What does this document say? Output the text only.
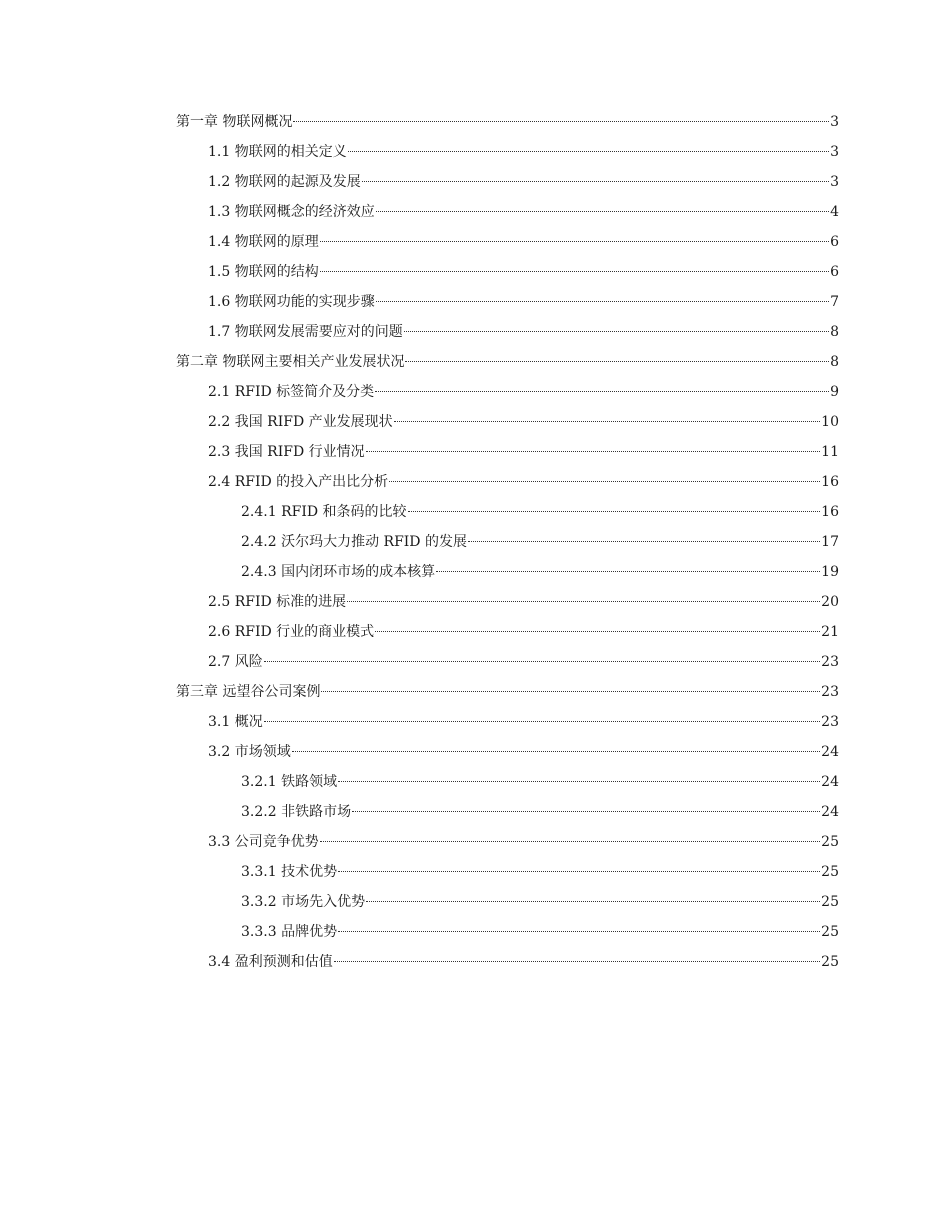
第一章 物联网概况	3
1.1 物联网的相关定义	3
1.2 物联网的起源及发展	3
1.3 物联网概念的经济效应	4
1.4 物联网的原理	6
1.5 物联网的结构	6
1.6 物联网功能的实现步骤	7
1.7 物联网发展需要应对的问题	8
第二章 物联网主要相关产业发展状况	8
2.1 RFID 标签简介及分类	9
2.2 我国 RIFD 产业发展现状	10
2.3 我国 RIFD 行业情况	11
2.4 RFID 的投入产出比分析	16
2.4.1 RFID 和条码的比较	16
2.4.2 沃尔玛大力推动 RFID 的发展	17
2.4.3 国内闭环市场的成本核算	19
2.5 RFID 标准的进展	20
2.6 RFID 行业的商业模式	21
2.7 风险	23
第三章 远望谷公司案例	23
3.1 概况	23
3.2 市场领域	24
3.2.1 铁路领域	24
3.2.2 非铁路市场	24
3.3 公司竞争优势	25
3.3.1 技术优势	25
3.3.2 市场先入优势	25
3.3.3 品牌优势	25
3.4 盈利预测和估值	25
